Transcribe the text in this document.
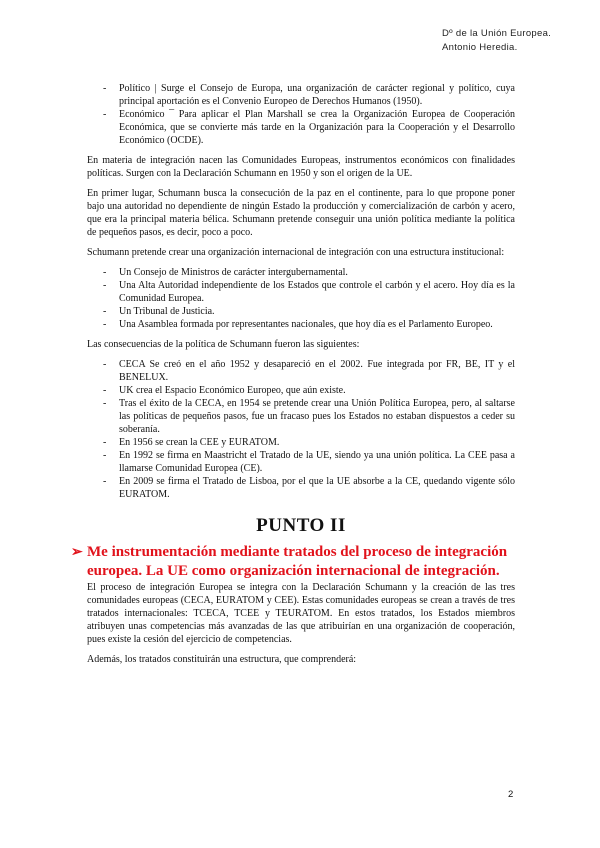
Dº de la Unión Europea.
Antonio Heredia.
- Político | Surge el Consejo de Europa, una organización de carácter regional y político, cuya principal aportación es el Convenio Europeo de Derechos Humanos (1950).
- Económico ¯ Para aplicar el Plan Marshall se crea la Organización Europea de Cooperación Económica, que se convierte más tarde en la Organización para la Cooperación y el Desarrollo Económico (OCDE).

En materia de integración nacen las Comunidades Europeas, instrumentos económicos con finalidades políticas. Surgen con la Declaración Schumann en 1950 y son el origen de la UE.

En primer lugar, Schumann busca la consecución de la paz en el continente, para lo que propone poner bajo una autoridad no dependiente de ningún Estado la producción y comercialización de carbón y acero, que era la principal materia bélica. Schumann pretende conseguir una unión política mediante la política de pequeños pasos, es decir, poco a poco.

Schumann pretende crear una organización internacional de integración con una estructura institucional:

- Un Consejo de Ministros de carácter intergubernamental.
- Una Alta Autoridad independiente de los Estados que controle el carbón y el acero. Hoy día es la Comunidad Europea.
- Un Tribunal de Justicia.
- Una Asamblea formada por representantes nacionales, que hoy día es el Parlamento Europeo.

Las consecuencias de la política de Schumann fueron las siguientes:

- CECA Se creó en el año 1952 y desapareció en el 2002. Fue integrada por FR, BE, IT y el BENELUX.
- UK crea el Espacio Económico Europeo, que aún existe.
- Tras el éxito de la CECA, en 1954 se pretende crear una Unión Política Europea, pero, al saltarse las políticas de pequeños pasos, fue un fracaso pues los Estados no estaban dispuestos a ceder su soberanía.
- En 1956 se crean la CEE y EURATOM.
- En 1992 se firma en Maastricht el Tratado de la UE, siendo ya una unión política. La CEE pasa a llamarse Comunidad Europea (CE).
- En 2009 se firma el Tratado de Lisboa, por el que la UE absorbe a la CE, quedando vigente sólo EURATOM.
PUNTO II
➢ Me instrumentación mediante tratados del proceso de integración europea. La UE como organización internacional de integración.

El proceso de integración Europea se integra con la Declaración Schumann y la creación de las tres comunidades europeas (CECA, EURATOM y CEE). Estas comunidades europeas se crean a través de tres tratados internacionales: TCECA, TCEE y TEURATOM. En estos tratados, los Estados miembros atribuyen unas competencias más avanzadas de las que atribuirían en una organización de cooperación, pues existe la cesión del ejercicio de competencias.

Además, los tratados constituirán una estructura, que comprenderá:

2
